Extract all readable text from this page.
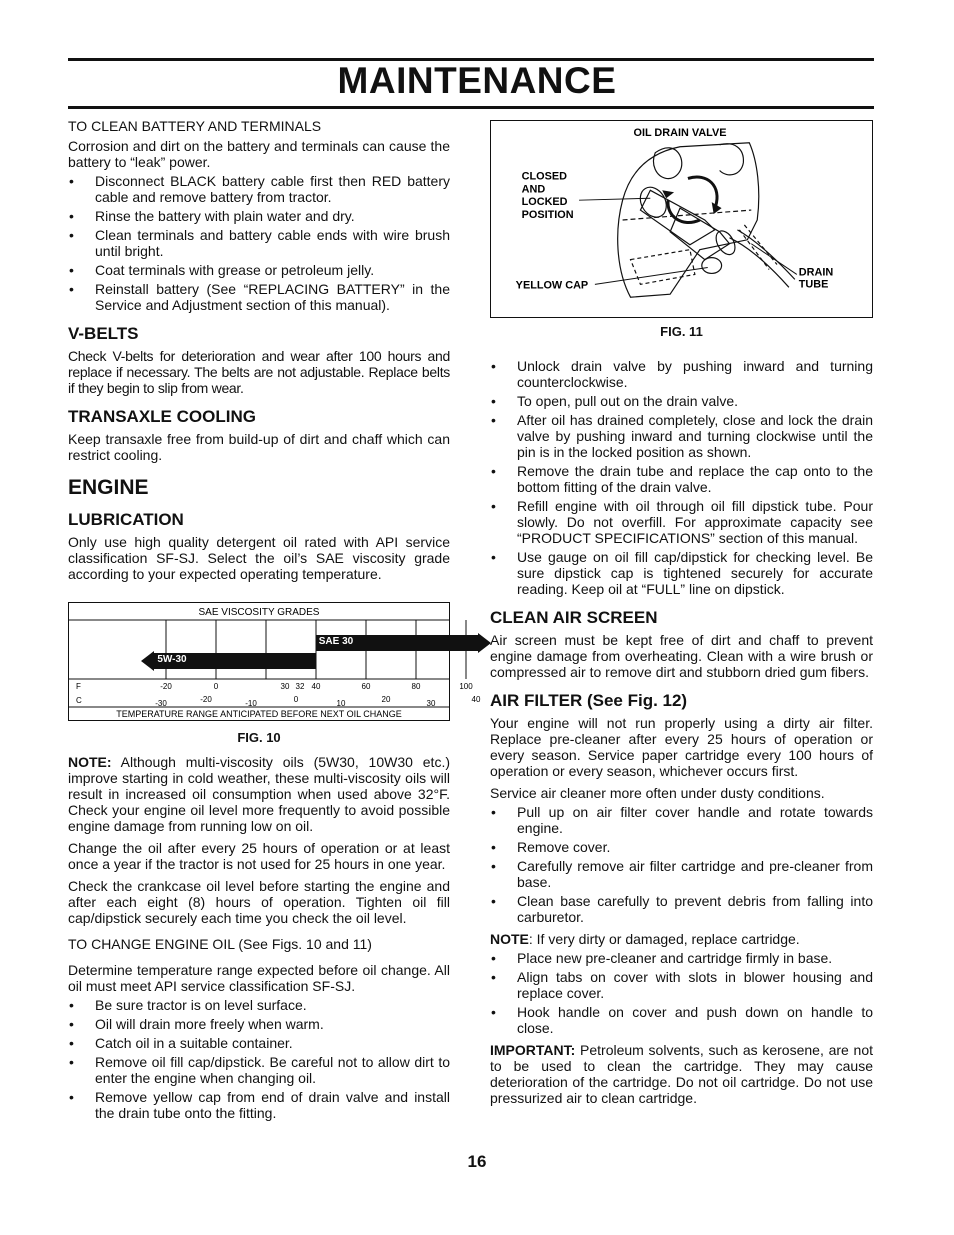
MAINTENANCE

TO CLEAN BATTERY AND TERMINALS

Corrosion and dirt on the battery and terminals can cause the battery to “leak” power.

• Disconnect BLACK battery cable first then RED battery cable and remove battery from tractor.
• Rinse the battery with plain water and dry.
• Clean terminals and battery cable ends with wire brush until bright.
• Coat terminals with grease or petroleum jelly.
• Reinstall battery (See “REPLACING BATTERY” in the Service and Adjustment section of this manual).
V-BELTS

Check V-belts for deterioration and wear after 100 hours and replace if necessary. The belts are not adjustable. Replace belts if they begin to slip from wear.

TRANSAXLE COOLING

Keep transaxle free from build-up of dirt and chaff which can restrict cooling.

ENGINE
LUBRICATION

Only use high quality detergent oil rated with API service classification SF-SJ. Select the oil’s SAE viscosity grade according to your expected operating temperature.

SAE VISCOSITY GRADES
5W-30
SAE 30
F
C
-20	0	30 32 40	60	80	100
-30	-20	-10	0	10	20	30	40
TEMPERATURE RANGE ANTICIPATED BEFORE NEXT OIL CHANGE
FIG. 10

NOTE: Although multi-viscosity oils (5W30, 10W30 etc.) improve starting in cold weather, these multi-viscosity oils will result in increased oil consumption when used above 32°F. Check your engine oil level more frequently to avoid possible engine damage from running low on oil.

Change the oil after every 25 hours of operation or at least once a year if the tractor is not used for 25 hours in one year.

Check the crankcase oil level before starting the engine and after each eight (8) hours of operation. Tighten oil fill cap/dipstick securely each time you check the oil level.

TO CHANGE ENGINE OIL (See Figs. 10 and 11)

Determine temperature range expected before oil change. All oil must meet API service classification SF-SJ.

• Be sure tractor is on level surface.
• Oil will drain more freely when warm.
• Catch oil in a suitable container.
• Remove oil fill cap/dipstick. Be careful not to allow dirt to enter the engine when changing oil.
• Remove yellow cap from end of drain valve and install the drain tube onto the fitting.
OIL DRAIN VALVE
CLOSED
AND
LOCKED
POSITION
YELLOW CAP
DRAIN
TUBE
FIG. 11
• Unlock drain valve by pushing inward and turning counterclockwise.
• To open, pull out on the drain valve.
• After oil has drained completely, close and lock the drain valve by pushing inward and turning clockwise until the pin is in the locked position as shown.
• Remove the drain tube and replace the cap onto to the bottom fitting of the drain valve.
• Refill engine with oil through oil fill dipstick tube. Pour slowly. Do not overfill. For approximate capacity see “PRODUCT SPECIFICATIONS” section of this manual.
• Use gauge on oil fill cap/dipstick for checking level. Be sure dipstick cap is tightened securely for accurate reading. Keep oil at “FULL” line on dipstick.
CLEAN AIR SCREEN

Air screen must be kept free of dirt and chaff to prevent engine damage from overheating. Clean with a wire brush or compressed air to remove dirt and stubborn dried gum fibers.

AIR FILTER (See Fig. 12)

Your engine will not run properly using a dirty air filter. Replace pre-cleaner after every 25 hours of operation or every season. Service paper cartridge every 100 hours of operation or every season, whichever occurs first.

Service air cleaner more often under dusty conditions.

• Pull up on air filter cover handle and rotate towards engine.
• Remove cover.
• Carefully remove air filter cartridge and pre-cleaner from base.
• Clean base carefully to prevent debris from falling into carburetor.

NOTE: If very dirty or damaged, replace cartridge.

• Place new pre-cleaner and cartridge firmly in base.
• Align tabs on cover with slots in blower housing and replace cover.
• Hook handle on cover and push down on handle to close.

IMPORTANT: Petroleum solvents, such as kerosene, are not to be used to clean the cartridge. They may cause deterioration of the cartridge. Do not oil cartridge. Do not use pressurized air to clean cartridge.

16
